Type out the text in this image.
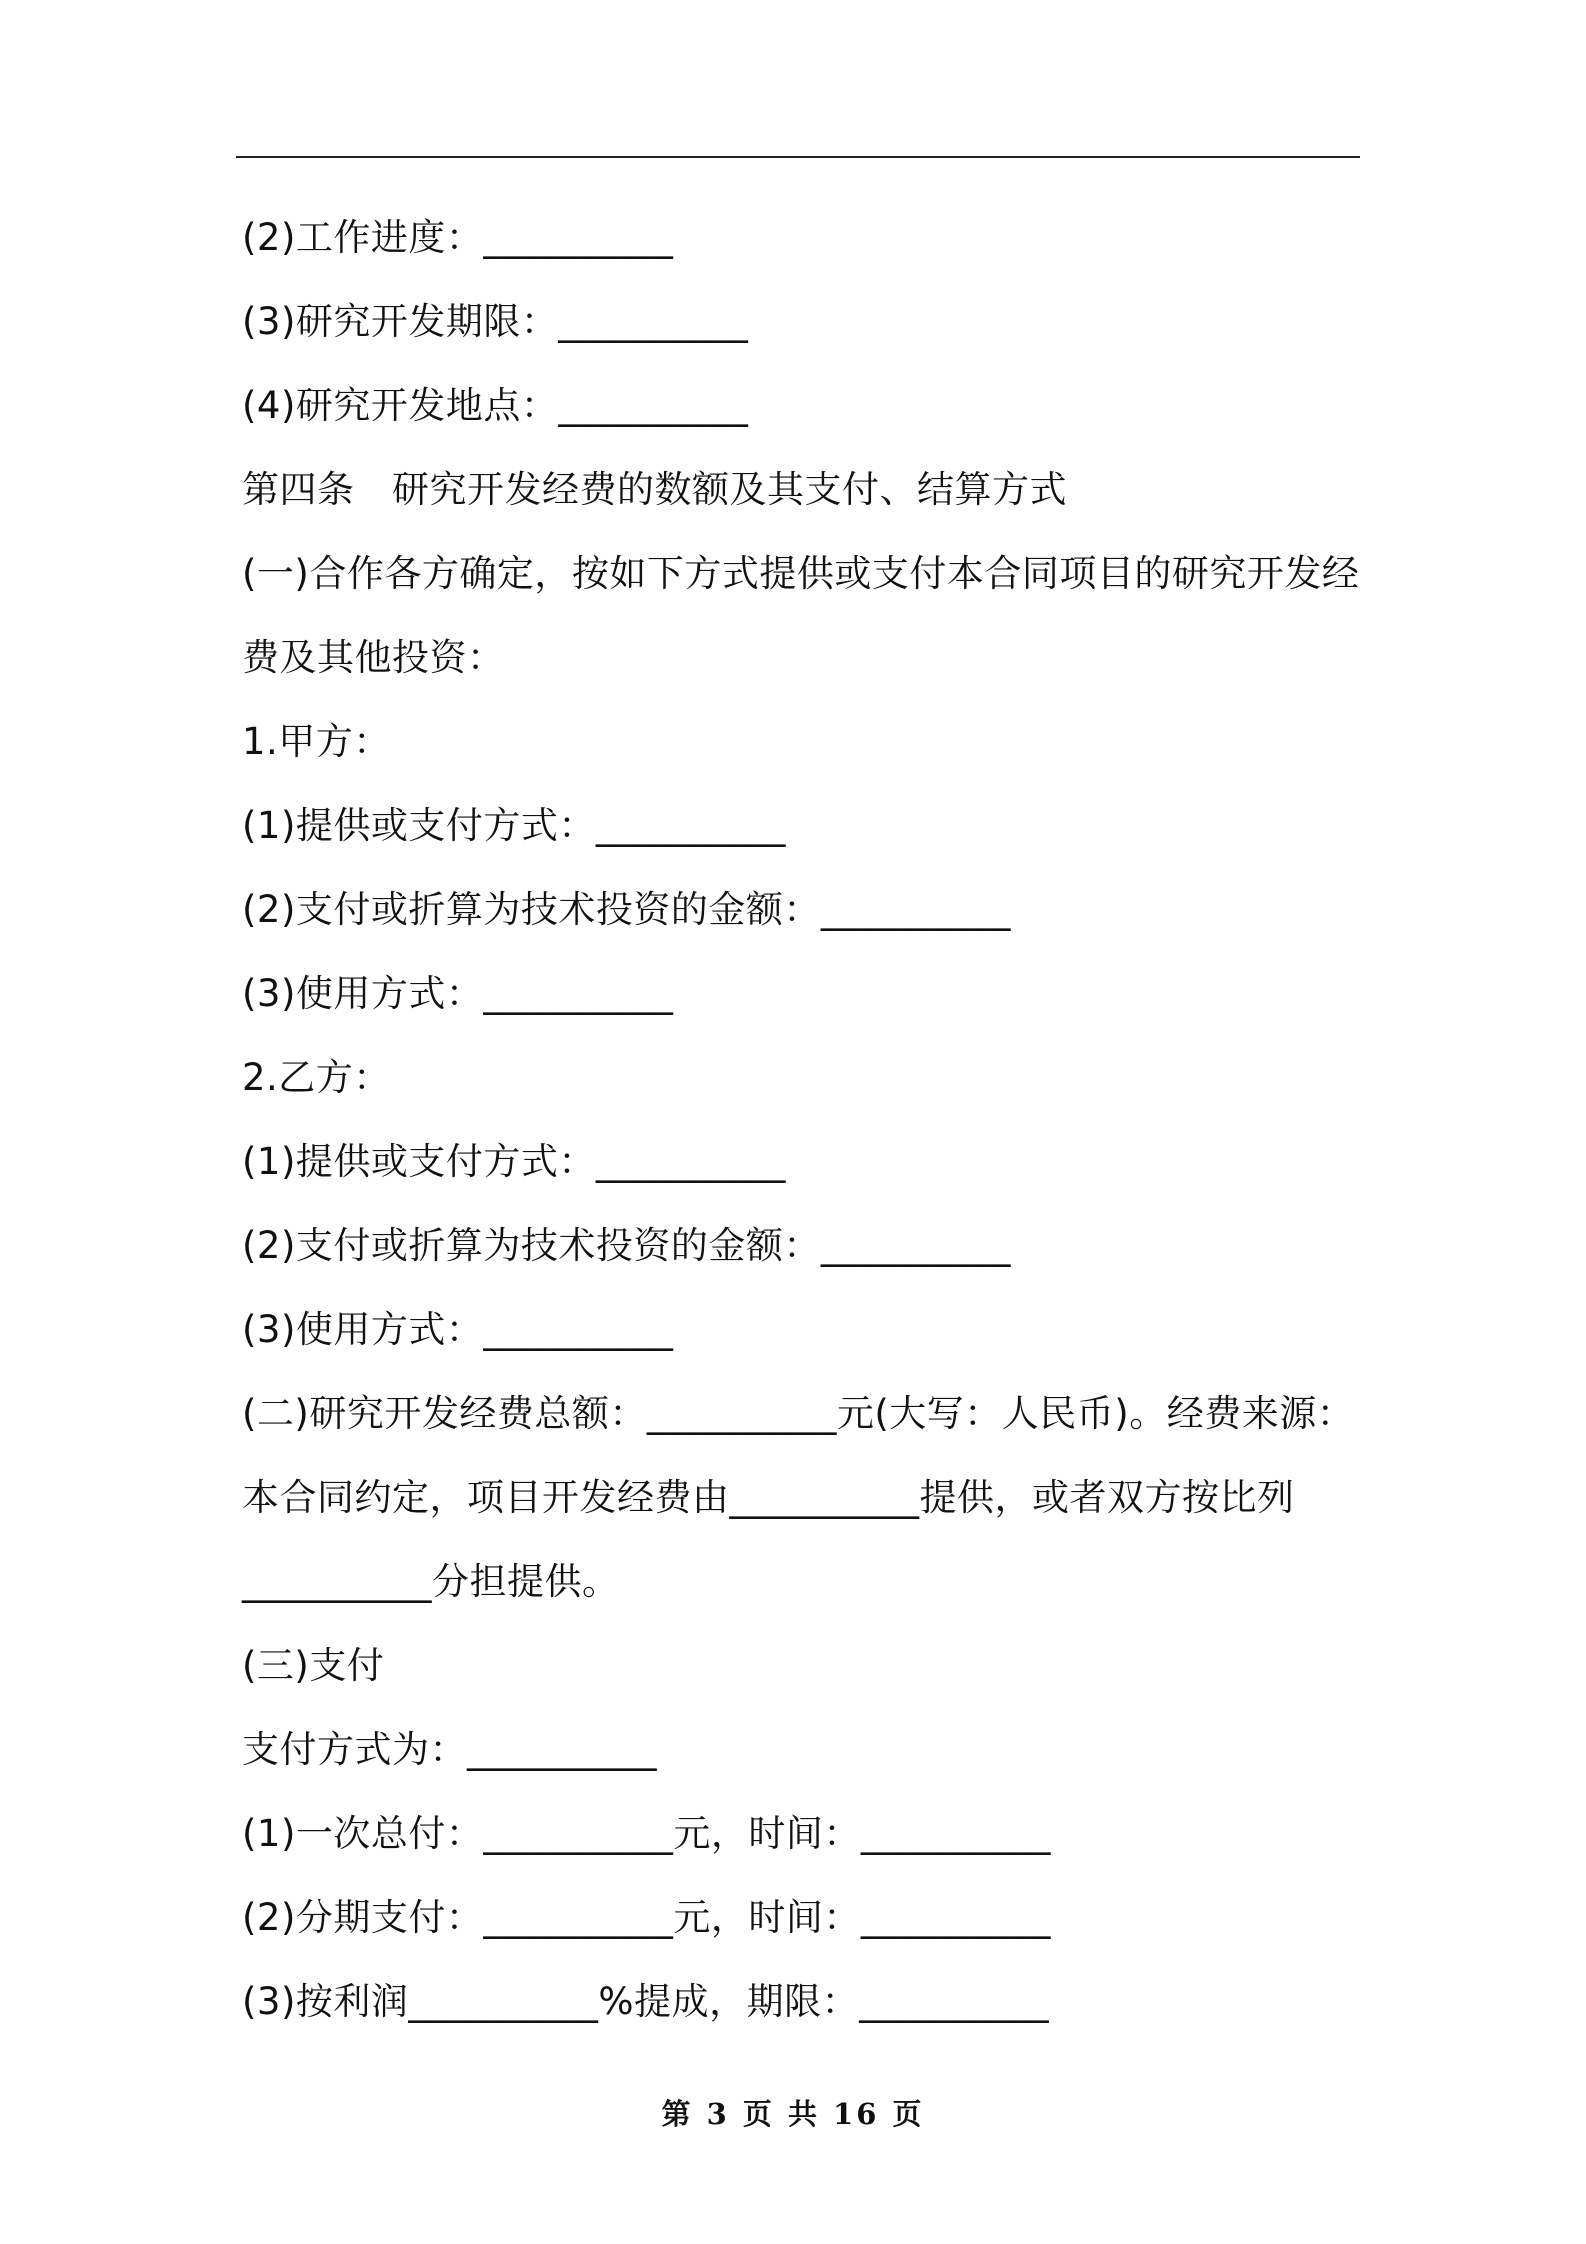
(2)工作进度：__________
(3)研究开发期限：__________
(4)研究开发地点：__________
第四条　研究开发经费的数额及其支付、结算方式
(一)合作各方确定，按如下方式提供或支付本合同项目的研究开发经
费及其他投资：
1.甲方：
(1)提供或支付方式：__________
(2)支付或折算为技术投资的金额：__________
(3)使用方式：__________
2.乙方：
(1)提供或支付方式：__________
(2)支付或折算为技术投资的金额：__________
(3)使用方式：__________
(二)研究开发经费总额：__________元(大写：人民币)。经费来源：
本合同约定，项目开发经费由__________提供，或者双方按比列
__________分担提供。
(三)支付
支付方式为：__________
(1)一次总付：__________元，时间：__________
(2)分期支付：__________元，时间：__________
(3)按利润__________%提成，期限：__________
第 3 页 共 16 页
